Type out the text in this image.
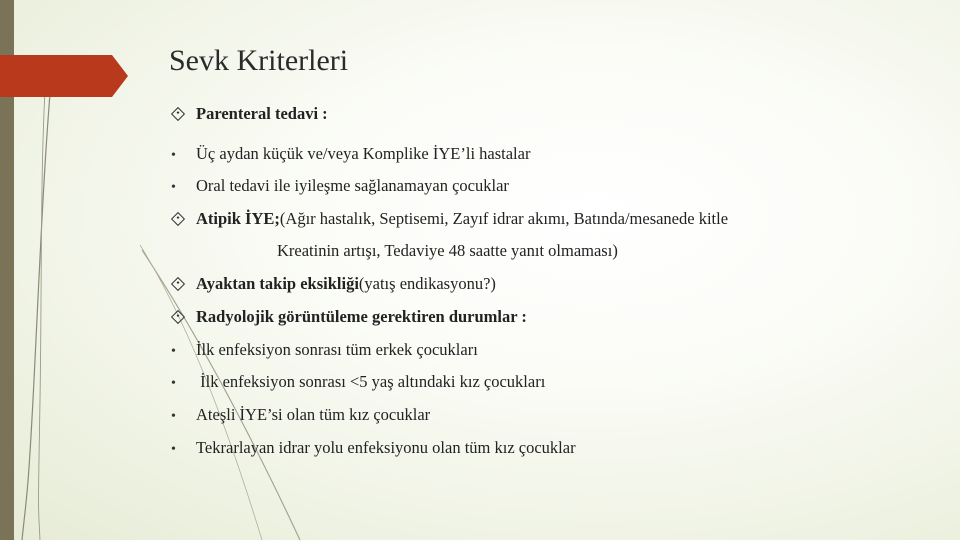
Sevk Kriterleri
Parenteral tedavi :
•	Üç aydan küçük ve/veya Komplike İYE’li hastalar
•	Oral tedavi ile iyileşme sağlanamayan çocuklar
Atipik İYE; (Ağır hastalık, Septisemi, Zayıf idrar akımı, Batında/mesanede kitle
Kreatinin artışı, Tedaviye 48 saatte yanıt olmaması)
Ayaktan takip eksikliği (yatış endikasyonu?)
Radyolojik görüntüleme gerektiren durumlar :
•	İlk enfeksiyon sonrası tüm erkek çocukları
•	İlk enfeksiyon sonrası <5 yaş altındaki kız çocukları
•	Ateşli İYE’si olan tüm kız çocuklar
•	Tekrarlayan idrar yolu enfeksiyonu olan tüm kız çocuklar
